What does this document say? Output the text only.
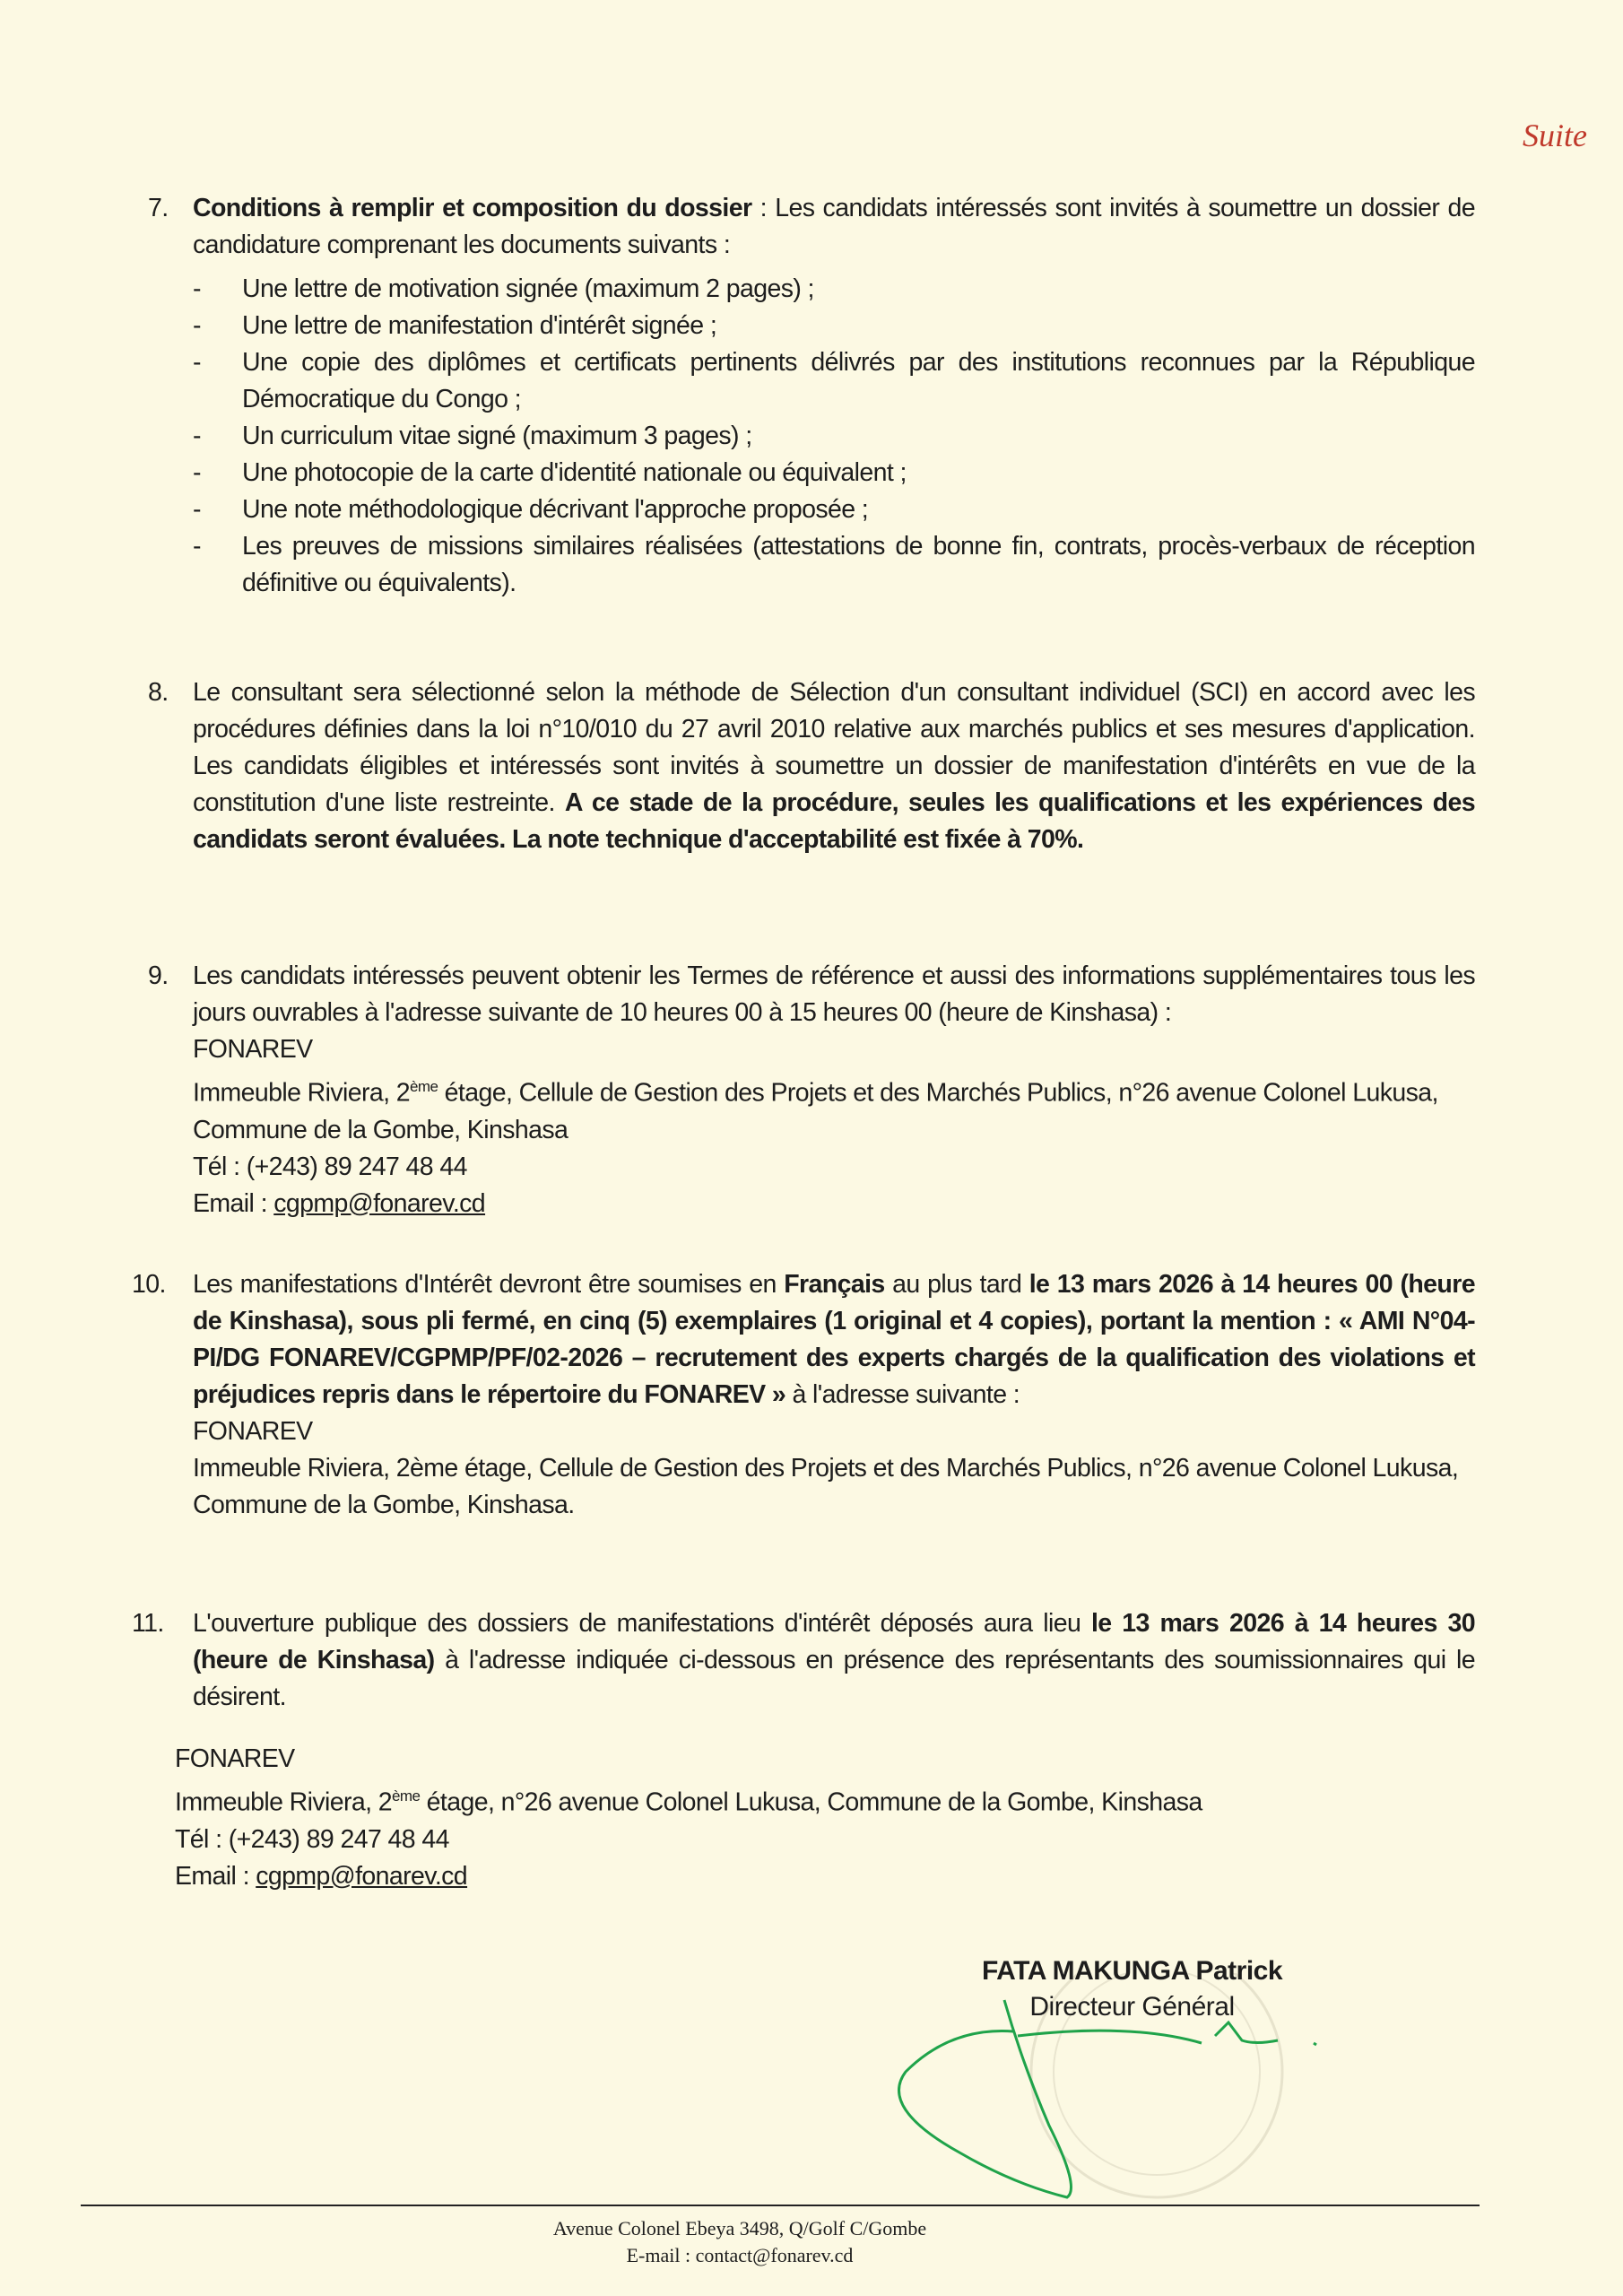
Suite
7. Conditions à remplir et composition du dossier : Les candidats intéressés sont invités à soumettre un dossier de candidature comprenant les documents suivants :
-	Une lettre de motivation signée (maximum 2 pages) ;
-	Une lettre de manifestation d'intérêt signée ;
-	Une copie des diplômes et certificats pertinents délivrés par des institutions reconnues par la République Démocratique du Congo ;
-	Un curriculum vitae signé (maximum 3 pages) ;
-	Une photocopie de la carte d'identité nationale ou équivalent ;
-	Une note méthodologique décrivant l'approche proposée ;
-	Les preuves de missions similaires réalisées (attestations de bonne fin, contrats, procès-verbaux de réception définitive ou équivalents).
8. Le consultant sera sélectionné selon la méthode de Sélection d'un consultant individuel (SCI) en accord avec les procédures définies dans la loi n°10/010 du 27 avril 2010 relative aux marchés publics et ses mesures d'application. Les candidats éligibles et intéressés sont invités à soumettre un dossier de manifestation d'intérêts en vue de la constitution d'une liste restreinte. A ce stade de la procédure, seules les qualifications et les expériences des candidats seront évaluées. La note technique d'acceptabilité est fixée à 70%.
9. Les candidats intéressés peuvent obtenir les Termes de référence et aussi des informations supplémentaires tous les jours ouvrables à l'adresse suivante de 10 heures 00 à 15 heures 00 (heure de Kinshasa) :
FONAREV
Immeuble Riviera, 2ème étage, Cellule de Gestion des Projets et des Marchés Publics, n°26 avenue Colonel Lukusa, Commune de la Gombe, Kinshasa
Tél : (+243) 89 247 48 44
Email : cgpmp@fonarev.cd
10. Les manifestations d'Intérêt devront être soumises en Français au plus tard le 13 mars 2026 à 14 heures 00 (heure de Kinshasa), sous pli fermé, en cinq (5) exemplaires (1 original et 4 copies), portant la mention : « AMI N°04-PI/DG FONAREV/CGPMP/PF/02-2026 – recrutement des experts chargés de la qualification des violations et préjudices repris dans le répertoire du FONAREV » à l'adresse suivante :
FONAREV
Immeuble Riviera, 2ème étage, Cellule de Gestion des Projets et des Marchés Publics, n°26 avenue Colonel Lukusa, Commune de la Gombe, Kinshasa.
11. L'ouverture publique des dossiers de manifestations d'intérêt déposés aura lieu le 13 mars 2026 à 14 heures 30 (heure de Kinshasa) à l'adresse indiquée ci-dessous en présence des représentants des soumissionnaires qui le désirent.
FONAREV
Immeuble Riviera, 2ème étage, n°26 avenue Colonel Lukusa, Commune de la Gombe, Kinshasa
Tél : (+243) 89 247 48 44
Email : cgpmp@fonarev.cd
FATA MAKUNGA Patrick
Directeur Général
Avenue Colonel Ebeya 3498, Q/Golf C/Gombe
E-mail : contact@fonarev.cd
